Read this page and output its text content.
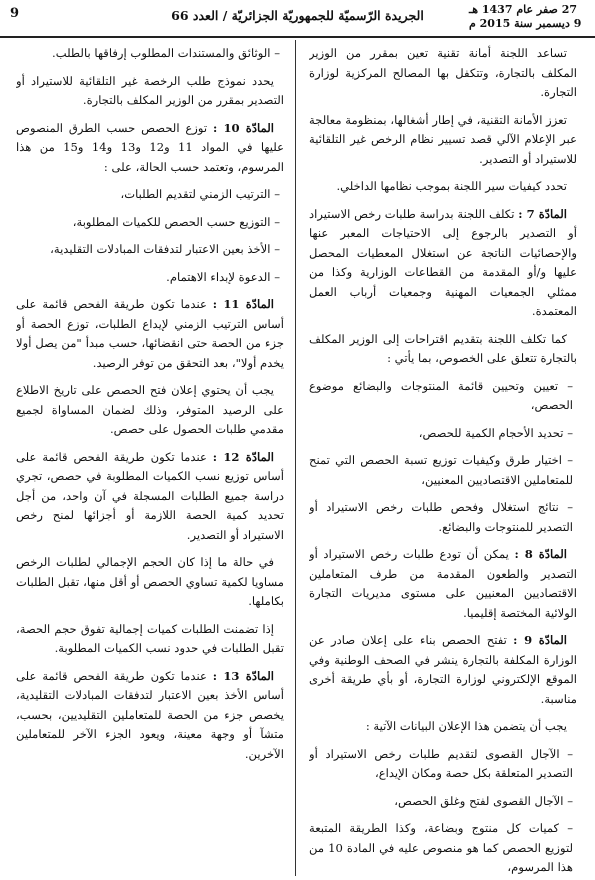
27 صفر عام 1437 هـ
9 ديسمبر سنة 2015 م
الجريدة الرّسميّة للجمهوريّة الجزائريّة / العدد 66
9

تساعد اللجنة أمانة تقنية تعين بمقرر من الوزير المكلف بالتجارة، وتتكفل بها المصالح المركزية لوزارة التجارة.

تعزز الأمانة التقنية، في إطار أشغالها، بمنظومة معالجة عبر الإعلام الآلي قصد تسيير نظام الرخص غير التلقائية للاستيراد أو التصدير.

تحدد كيفيات سير اللجنة بموجب نظامها الداخلي.

المادّة 7 : تكلف اللجنة بدراسة طلبات رخص الاستيراد أو التصدير بالرجوع إلى الاحتياجات المعبر عنها والإحصائيات الناتجة عن استغلال المعطيات المحصل عليها و/أو المقدمة من القطاعات الوزارية وكذا من ممثلي الجمعيات المهنية وجمعيات أرباب العمل المعتمدة.

كما تكلف اللجنة بتقديم اقتراحات إلى الوزير المكلف بالتجارة تتعلق على الخصوص، بما يأتي :

– تعيين وتحيين قائمة المنتوجات والبضائع موضوع الحصص،

– تحديد الأحجام الكمية للحصص،

– اختيار طرق وكيفيات توزيع تسبة الحصص التي تمنح للمتعاملين الاقتصاديين المعنيين،

– نتائج استغلال وفحص طلبات رخص الاستيراد أو التصدير للمنتوجات والبضائع.

المادّة 8 : يمكن أن تودع طلبات رخص الاستيراد أو التصدير والطعون المقدمة من طرف المتعاملين الاقتصاديين المعنيين على مستوى مديريات التجارة الولائية المختصة إقليميا.

المادّة 9 : تفتح الحصص بناء على إعلان صادر عن الوزارة المكلفة بالتجارة ينشر في الصحف الوطنية وفي الموقع الإلكتروني لوزارة التجارة، أو بأي طريقة أخرى مناسبة.

يجب أن يتضمن هذا الإعلان البيانات الآتية :

– الآجال القصوى لتقديم طلبات رخص الاستيراد أو التصدير المتعلقة بكل حصة ومكان الإيداع،

– الآجال القصوى لفتح وغلق الحصص،

– كميات كل منتوج وبضاعة، وكذا الطريقة المتبعة لتوزيع الحصص كما هو منصوص عليه في المادة 10 من هذا المرسوم،

– الوثائق والمستندات المطلوب إرفاقها بالطلب.

يحدد نموذج طلب الرخصة غير التلقائية للاستيراد أو التصدير بمقرر من الوزير المكلف بالتجارة.

المادّة 10 : توزع الحصص حسب الطرق المنصوص عليها في المواد 11 و12 و13 و14 و15 من هذا المرسوم، وتعتمد حسب الحالة، على :

– الترتيب الزمني لتقديم الطلبات،

– التوزيع حسب الحصص للكميات المطلوبة،

– الأخذ بعين الاعتبار لتدفقات المبادلات التقليدية،

– الدعوة لإبداء الاهتمام.

المادّة 11 : عندما تكون طريقة الفحص قائمة على أساس الترتيب الزمني لإيداع الطلبات، توزع الحصة أو جزء من الحصة حتى انقضائها، حسب مبدأ "من يصل أولا يخدم أولا"، بعد التحقق من توفر الرصيد.

يجب أن يحتوي إعلان فتح الحصص على تاريخ الاطلاع على الرصيد المتوفر، وذلك لضمان المساواة لجميع مقدمي طلبات الحصول على حصص.

المادّة 12 : عندما تكون طريقة الفحص قائمة على أساس توزيع نسب الكميات المطلوبة في حصص، تجري دراسة جميع الطلبات المسجلة في آن واحد، من أجل تحديد كمية الحصة اللازمة أو أجزائها لمنح رخص الاستيراد أو التصدير.

في حالة ما إذا كان الحجم الإجمالي لطلبات الرخص مساويا لكمية تساوي الحصص أو أقل منها، تقبل الطلبات بكاملها.

إذا تضمنت الطلبات كميات إجمالية تفوق حجم الحصة، تقبل الطلبات في حدود نسب الكميات المطلوبة.

المادّة 13 : عندما تكون طريقة الفحص قائمة على أساس الأخذ بعين الاعتبار لتدفقات المبادلات التقليدية، يخصص جزء من الحصة للمتعاملين التقليديين، بحسب، متشآ أو وجهة معينة، ويعود الجزء الآخر للمتعاملين الآخرين.
